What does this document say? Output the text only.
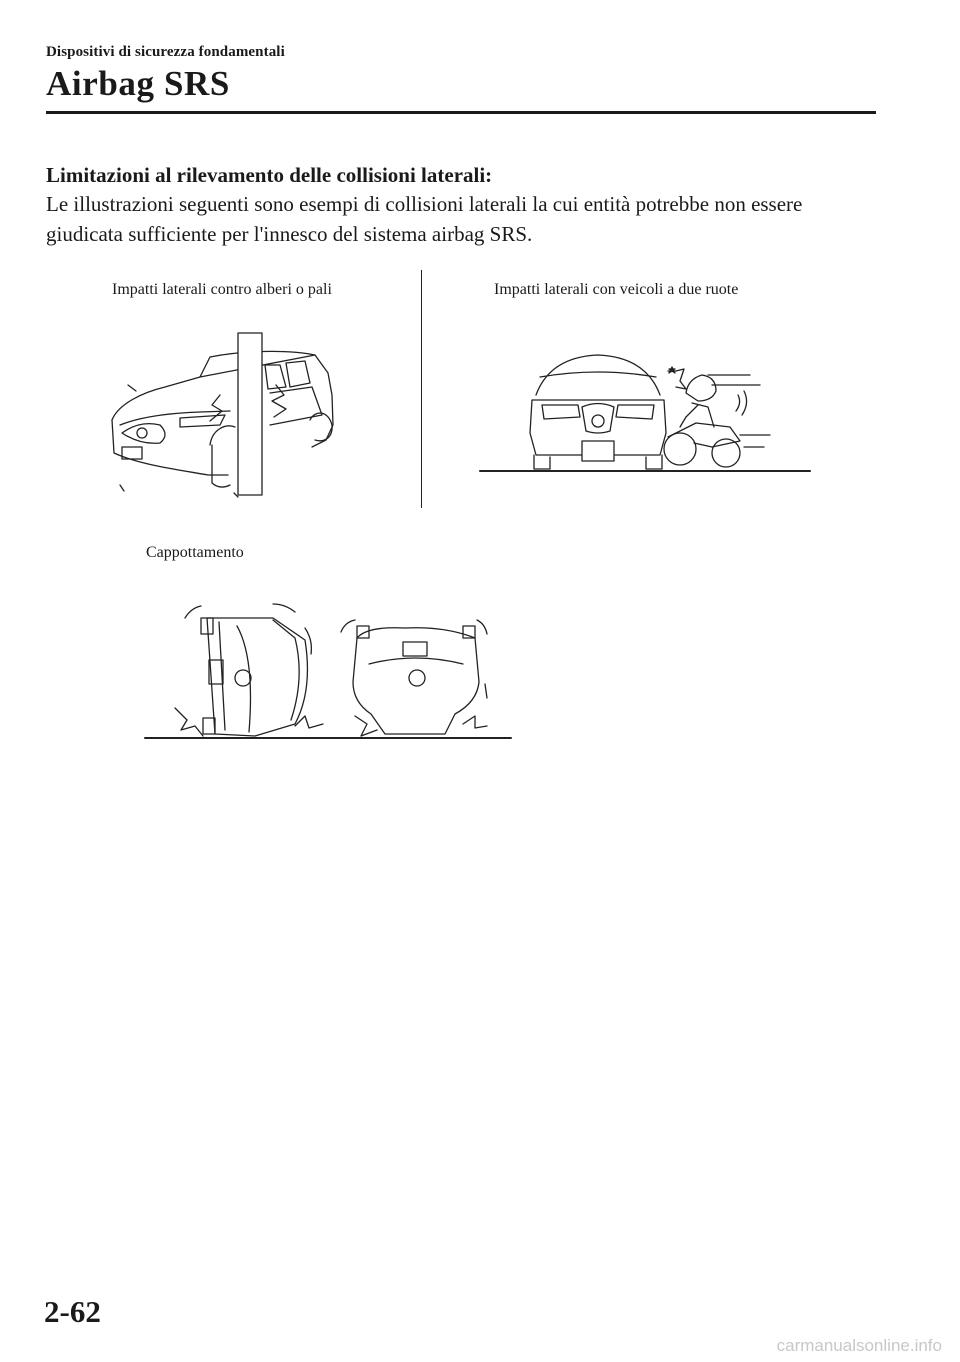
Dispositivi di sicurezza fondamentali
Airbag SRS
Limitazioni al rilevamento delle collisioni laterali:
Le illustrazioni seguenti sono esempi di collisioni laterali la cui entità potrebbe non essere giudicata sufficiente per l'innesco del sistema airbag SRS.
Impatti laterali contro alberi o pali	Impatti laterali con veicoli a due ruote
Cappottamento
2-62
carmanualsonline.info
